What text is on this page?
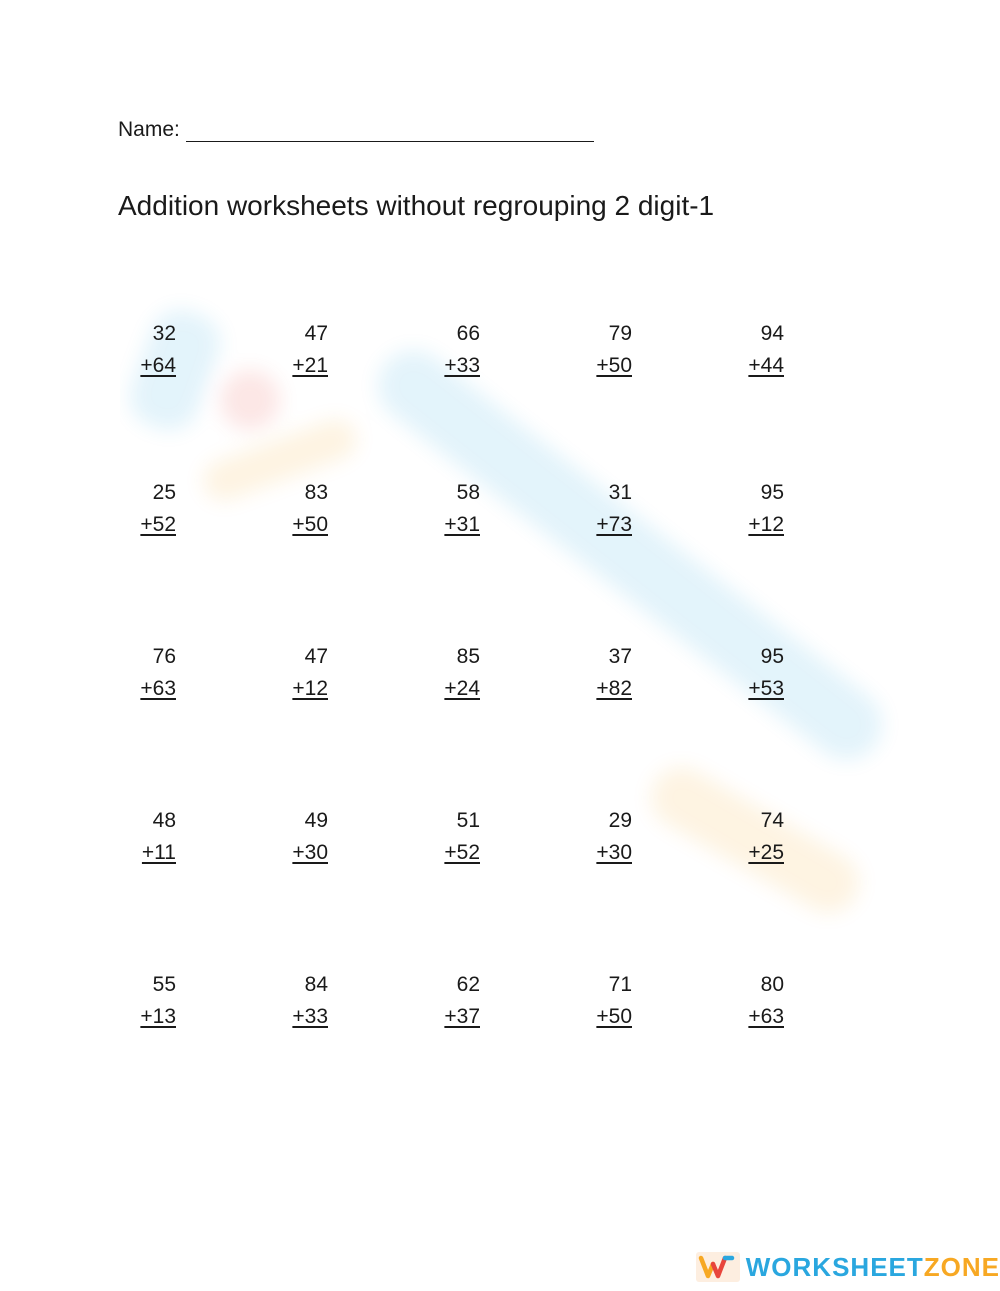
Name:
Addition worksheets without regrouping 2 digit-1
32
+64
47
+21
66
+33
79
+50
94
+44
25
+52
83
+50
58
+31
31
+73
95
+12
76
+63
47
+12
85
+24
37
+82
95
+53
48
+11
49
+30
51
+52
29
+30
74
+25
55
+13
84
+33
62
+37
71
+50
80
+63
WORKSHEETZONE
